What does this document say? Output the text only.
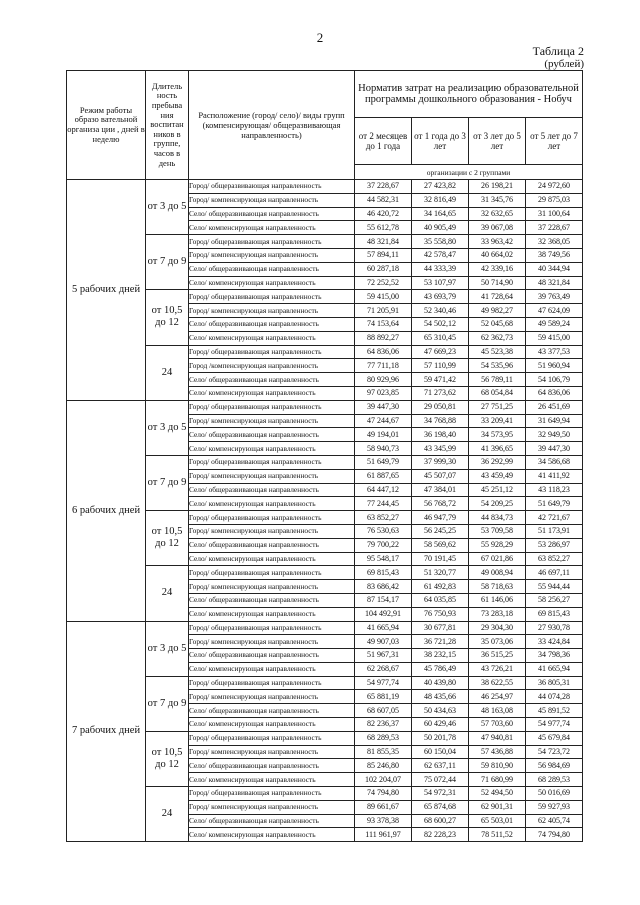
2
Таблица 2
(рублей)
Режим работы образо вательной организа ции , дней в неделю	Длитель ность пребыва ния воспитан ников в группе, часов в день	Расположение (город/ село)/ виды групп (компенсирующая/ общеразвивающая направленность)	Норматив затрат на реализацию образовательной программы дошкольного образования - Нобуч			
			от 2 месяцев до 1 года	от 1 года до 3 лет	от 3 лет до 5 лет	от 5 лет до 7 лет
			организации с 2 группами			
5 рабочих дней	от 3 до 5	Город/ общеразвивающая направленность	37 228,67	27 423,82	26 198,21	24 972,60
		Город/ компенсирующая направленность	44 582,31	32 816,49	31 345,76	29 875,03
		Село/ общеразвивающая направленность	46 420,72	34 164,65	32 632,65	31 100,64
		Село/ компенсирующая направленность	55 612,78	40 905,49	39 067,08	37 228,67
	от 7 до 9	Город/ общеразвивающая направленность	48 321,84	35 558,80	33 963,42	32 368,05
		Город/ компенсирующая направленность	57 894,11	42 578,47	40 664,02	38 749,56
		Село/ общеразвивающая направленность	60 287,18	44 333,39	42 339,16	40 344,94
		Село/ компенсирующая направленность	72 252,52	53 107,97	50 714,90	48 321,84
	от 10,5 до 12	Город/ общеразвивающая направленность	59 415,00	43 693,79	41 728,64	39 763,49
		Город/ компенсирующая направленность	71 205,91	52 340,46	49 982,27	47 624,09
		Село/ общеразвивающая направленность	74 153,64	54 502,12	52 045,68	49 589,24
		Село/ компенсирующая направленность	88 892,27	65 310,45	62 362,73	59 415,00
	24	Город/ общеразвивающая направленность	64 836,06	47 669,23	45 523,38	43 377,53
		Город /компенсирующая направленность	77 711,18	57 110,99	54 535,96	51 960,94
		Село/ общеразвивающая направленность	80 929,96	59 471,42	56 789,11	54 106,79
		Село/ компенсирующая направленность	97 023,85	71 273,62	68 054,84	64 836,06
6 рабочих дней	от 3 до 5	Город/ общеразвивающая направленность	39 447,30	29 050,81	27 751,25	26 451,69
		Город/ компенсирующая направленность	47 244,67	34 768,88	33 209,41	31 649,94
		Село/ общеразвивающая направленность	49 194,01	36 198,40	34 573,95	32 949,50
		Село/ компенсирующая направленность	58 940,73	43 345,99	41 396,65	39 447,30
	от 7 до 9	Город/ общеразвивающая направленность	51 649,79	37 999,30	36 292,99	34 586,68
		Город/ компенсирующая направленность	61 887,65	45 507,07	43 459,49	41 411,92
		Село/ общеразвивающая направленность	64 447,12	47 384,01	45 251,12	43 118,23
		Село/ компенсирующая направленность	77 244,45	56 768,72	54 209,25	51 649,79
	от 10,5 до 12	Город/ общеразвивающая направленность	63 852,27	46 947,79	44 834,73	42 721,67
		Город/ компенсирующая направленность	76 530,63	56 245,25	53 709,58	51 173,91
		Село/ общеразвивающая направленность	79 700,22	58 569,62	55 928,29	53 286,97
		Село/ компенсирующая направленность	95 548,17	70 191,45	67 021,86	63 852,27
	24	Город/ общеразвивающая направленность	69 815,43	51 320,77	49 008,94	46 697,11
		Город/ компенсирующая направленность	83 686,42	61 492,83	58 718,63	55 944,44
		Село/ общеразвивающая направленность	87 154,17	64 035,85	61 146,06	58 256,27
		Село/ компенсирующая направленность	104 492,91	76 750,93	73 283,18	69 815,43
7 рабочих дней	от 3 до 5	Город/ общеразвивающая направленность	41 665,94	30 677,81	29 304,30	27 930,78
		Город/ компенсирующая направленность	49 907,03	36 721,28	35 073,06	33 424,84
		Село/ общеразвивающая направленность	51 967,31	38 232,15	36 515,25	34 798,36
		Село/ компенсирующая направленность	62 268,67	45 786,49	43 726,21	41 665,94
	от 7 до 9	Город/ общеразвивающая направленность	54 977,74	40 439,80	38 622,55	36 805,31
		Город/ компенсирующая направленность	65 881,19	48 435,66	46 254,97	44 074,28
		Село/ общеразвивающая направленность	68 607,05	50 434,63	48 163,08	45 891,52
		Село/ компенсирующая направленность	82 236,37	60 429,46	57 703,60	54 977,74
	от 10,5 до 12	Город/ общеразвивающая направленность	68 289,53	50 201,78	47 940,81	45 679,84
		Город/ компенсирующая направленность	81 855,35	60 150,04	57 436,88	54 723,72
		Село/ общеразвивающая направленность	85 246,80	62 637,11	59 810,90	56 984,69
		Село/ компенсирующая направленность	102 204,07	75 072,44	71 680,99	68 289,53
	24	Город/ общеразвивающая направленность	74 794,80	54 972,31	52 494,50	50 016,69
		Город/ компенсирующая направленность	89 661,67	65 874,68	62 901,31	59 927,93
		Село/ общеразвивающая направленность	93 378,38	68 600,27	65 503,01	62 405,74
		Село/ компенсирующая направленность	111 961,97	82 228,23	78 511,52	74 794,80
